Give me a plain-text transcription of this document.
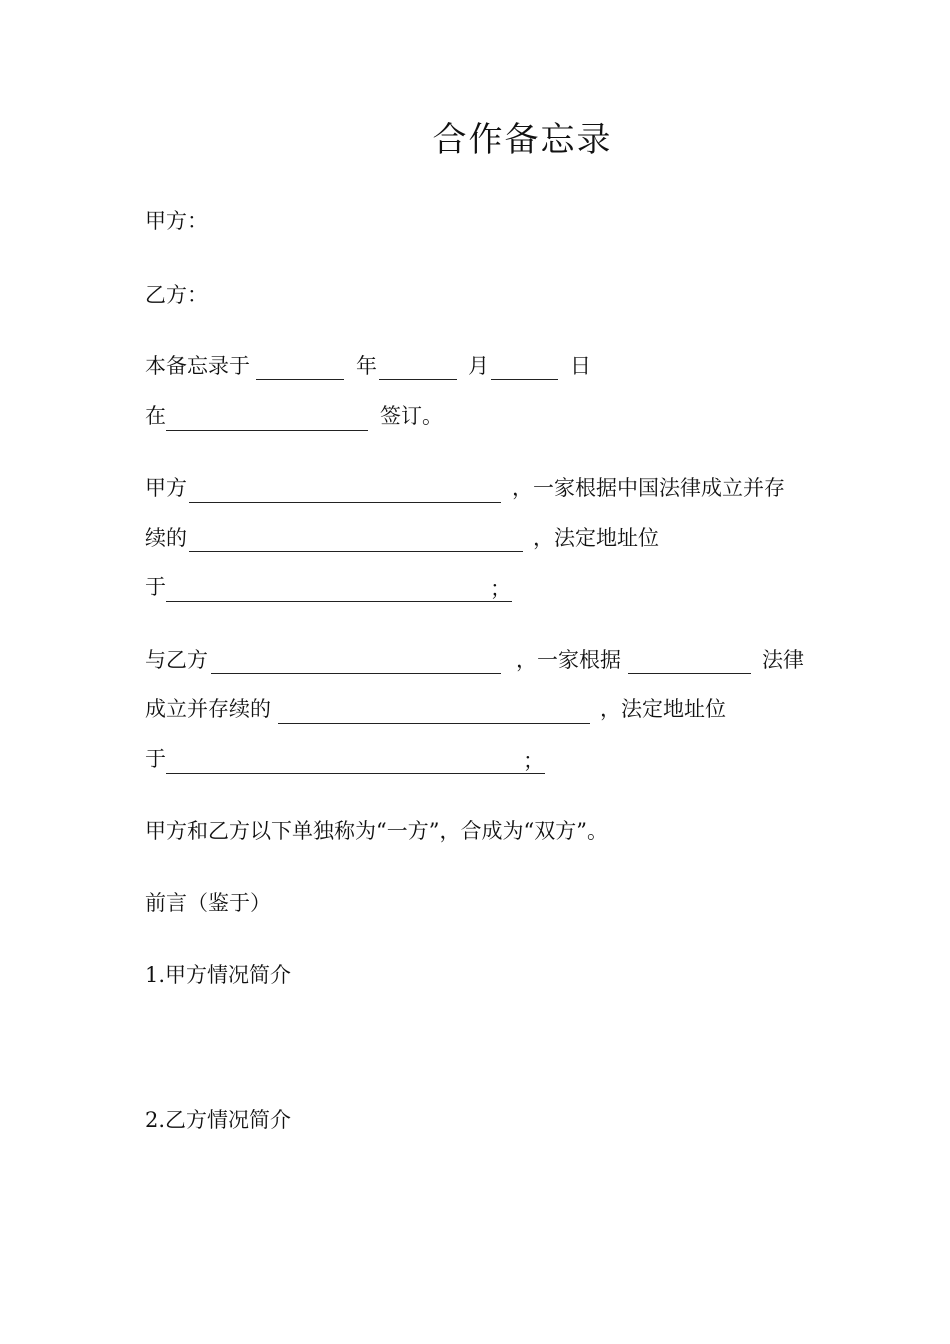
合作备忘录
甲方：
乙方：
本备忘录于	年	月	日
在	签订。
甲方	，一家根据中国法律成立并存
续的	，法定地址位
于	；
与乙方	，一家根据	法律
成立并存续的	，法定地址位
于	；
甲方和乙方以下单独称为“一方”，合成为“双方”。
前言（鉴于）
1.甲方情况简介
2.乙方情况简介
